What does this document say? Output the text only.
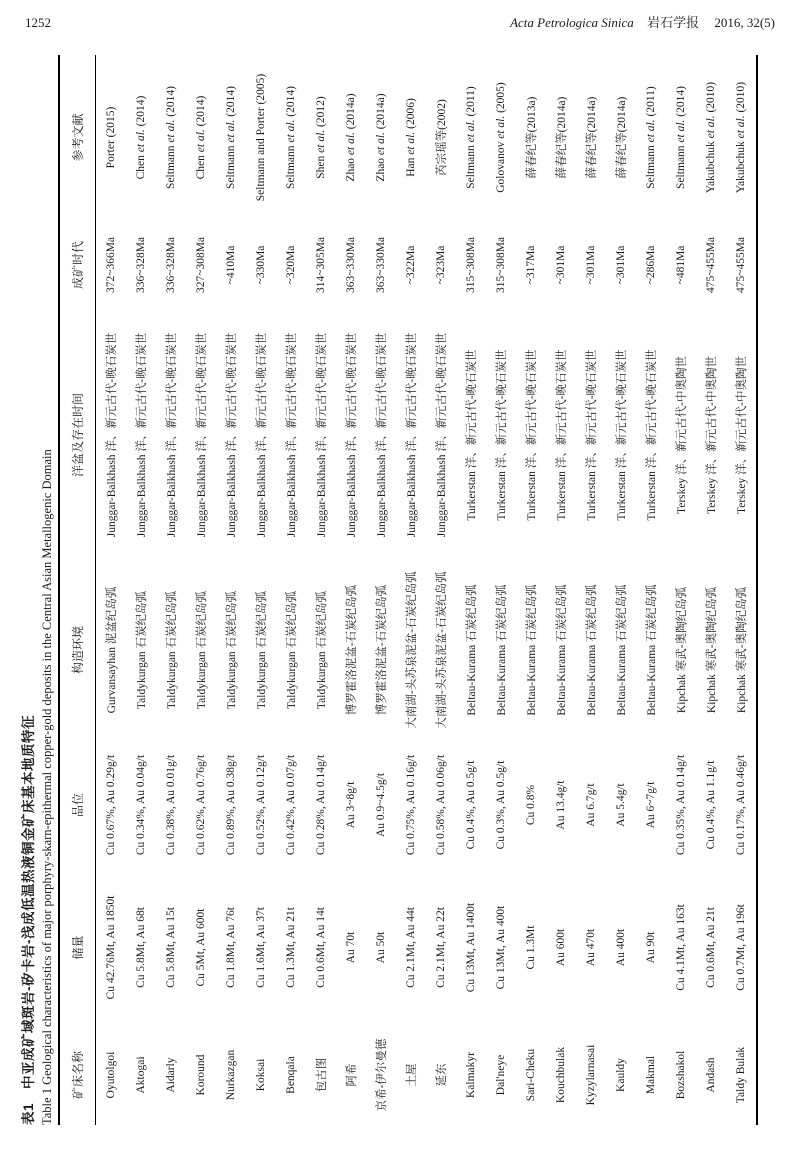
1252	Acta Petrologica Sinica 岩石学报 2016, 32(5)
表1　中亚成矿域斑岩-矽卡岩-浅成低温热液铜金矿床基本地质特征 Table 1 Geological characteristics of major porphyry-skarn-epithermal copper-gold deposits in the Central Asian Metallogenic Domain 矿床名称	储量	品位	构造环境	洋盆及存在时间	成矿时代	参考文献
Oyutolgoi	Cu 42.76Mt, Au 1850t	Cu 0.67%, Au 0.29g/t	Gurvansayhan 泥盆纪岛弧	Junggar-Balkhash 洋、新元古代-晚石炭世	372~366Ma	Porter (2015)
Aktogai	Cu 5.8Mt, Au 68t	Cu 0.34%, Au 0.04g/t	Taldykurgan 石炭纪岛弧	Junggar-Balkhash 洋、新元古代-晚石炭世	336~328Ma	Chen et al. (2014)
Aidarly	Cu 5.8Mt, Au 15t	Cu 0.38%, Au 0.01g/t	Taldykurgan 石炭纪岛弧	Junggar-Balkhash 洋、新元古代-晚石炭世	336~328Ma	Seltmann et al. (2014)
Koround	Cu 5Mt, Au 600t	Cu 0.62%, Au 0.76g/t	Taldykurgan 石炭纪岛弧	Junggar-Balkhash 洋、新元古代-晚石炭世	327~308Ma	Chen et al. (2014)
Nurkazgan	Cu 1.8Mt, Au 76t	Cu 0.89%, Au 0.38g/t	Taldykurgan 石炭纪岛弧	Junggar-Balkhash 洋、新元古代-晚石炭世	~410Ma	Seltmann et al. (2014)
Koksai	Cu 1.6Mt, Au 37t	Cu 0.52%, Au 0.12g/t	Taldykurgan 石炭纪岛弧	Junggar-Balkhash 洋、新元古代-晚石炭世	~330Ma	Seltmann and Porter (2005)
Benqala	Cu 1.3Mt, Au 21t	Cu 0.42%, Au 0.07g/t	Taldykurgan 石炭纪岛弧	Junggar-Balkhash 洋、新元古代-晚石炭世	~320Ma	Seltmann et al. (2014)
包古图	Cu 0.6Mt, Au 14t	Cu 0.28%, Au 0.14g/t	Taldykurgan 石炭纪岛弧	Junggar-Balkhash 洋、新元古代-晚石炭世	314~305Ma	Shen et al. (2012)
阿希	Au 70t	Au 3~8g/t	博罗霍洛泥盆-石炭纪岛弧	Junggar-Balkhash 洋、新元古代-晚石炭世	363~330Ma	Zhao et al. (2014a)
京希-伊尔曼德	Au 50t	Au 0.9~4.5g/t	博罗霍洛泥盆-石炭纪岛弧	Junggar-Balkhash 洋、新元古代-晚石炭世	363~330Ma	Zhao et al. (2014a)
土屋	Cu 2.1Mt, Au 44t	Cu 0.75%, Au 0.16g/t	大南湖-头苏泉泥盆-石炭纪岛弧	Junggar-Balkhash 洋、新元古代-晚石炭世	~322Ma	Han et al. (2006)
延东	Cu 2.1Mt, Au 22t	Cu 0.58%, Au 0.06g/t	大南湖-头苏泉泥盆-石炭纪岛弧	Junggar-Balkhash 洋、新元古代-晚石炭世	~323Ma	芮宗瑶等(2002)
Kalmakyr	Cu 13Mt, Au 1400t	Cu 0.4%, Au 0.5g/t	Beltau-Kurama 石炭纪岛弧	Turkerstan 洋、新元古代-晚石炭世	315~308Ma	Seltmann et al. (2011)
Dal'neye	Cu 13Mt, Au 400t	Cu 0.3%, Au 0.5g/t	Beltau-Kurama 石炭纪岛弧	Turkerstan 洋、新元古代-晚石炭世	315~308Ma	Golovanov et al. (2005)
Sari-Cheku	Cu 1.3Mt	Cu 0.8%	Beltau-Kurama 石炭纪岛弧	Turkerstan 洋、新元古代-晚石炭世	~317Ma	薛春纪等(2013a)
Kouchbulak	Au 600t	Au 13.4g/t	Beltau-Kurama 石炭纪岛弧	Turkerstan 洋、新元古代-晚石炭世	~301Ma	薛春纪等(2014a)
Kyzylarnasai	Au 470t	Au 6.7g/t	Beltau-Kurama 石炭纪岛弧	Turkerstan 洋、新元古代-晚石炭世	~301Ma	薛春纪等(2014a)
Kauldy	Au 400t	Au 5.4g/t	Beltau-Kurama 石炭纪岛弧	Turkerstan 洋、新元古代-晚石炭世	~301Ma	薛春纪等(2014a)
Makmal	Au 90t	Au 6~7g/t	Beltau-Kurama 石炭纪岛弧	Turkerstan 洋、新元古代-晚石炭世	~286Ma	Seltmann et al. (2011)
Bozshakol	Cu 4.1Mt, Au 163t	Cu 0.35%, Au 0.14g/t	Kipchak 寒武-奥陶纪岛弧	Terskey 洋、新元古代-中奥陶世	~481Ma	Seltmann et al. (2014)
Andash	Cu 0.6Mt, Au 21t	Cu 0.4%, Au 1.1g/t	Kipchak 寒武-奥陶纪岛弧	Terskey 洋、新元古代-中奥陶世	475~455Ma	Yakubchuk et al. (2010)
Taldy Bulak	Cu 0.7Mt, Au 196t	Cu 0.17%, Au 0.46g/t	Kipchak 寒武-奥陶纪岛弧	Terskey 洋、新元古代-中奥陶世	475~455Ma	Yakubchuk et al. (2010)
